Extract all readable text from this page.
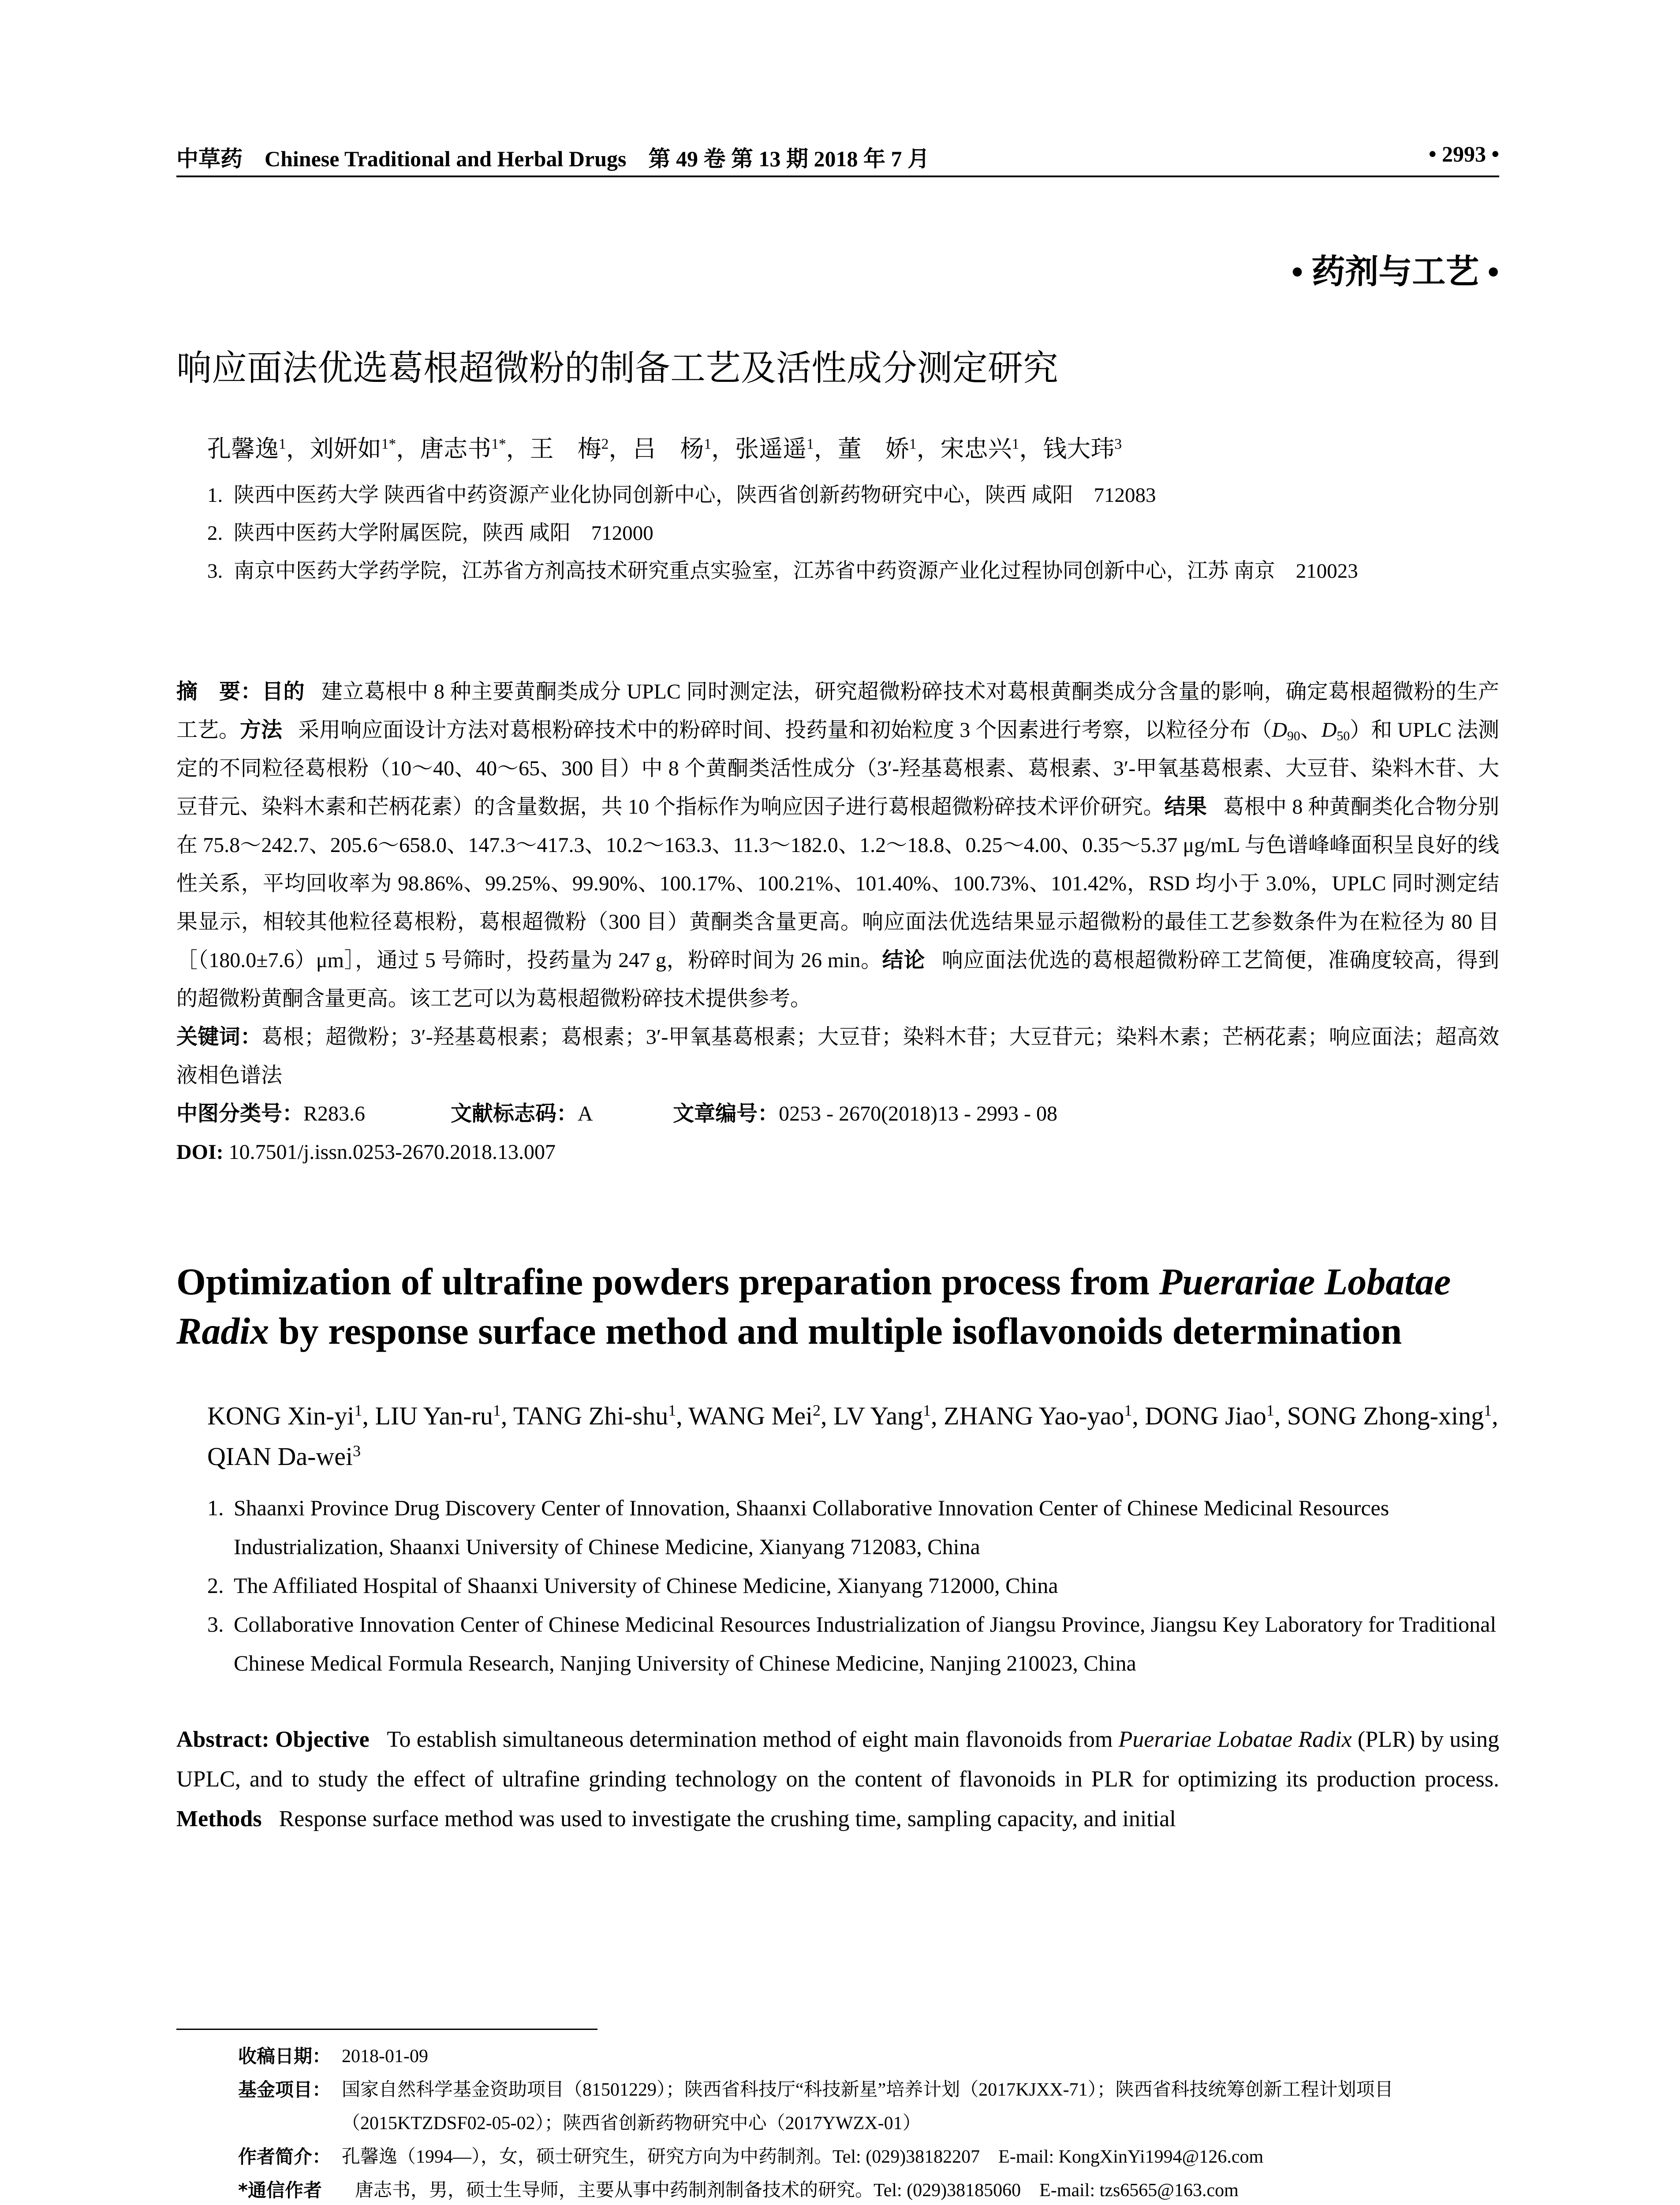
中草药 Chinese Traditional and Herbal Drugs 第 49 卷 第 13 期 2018 年 7 月	• 2993 •
• 药剂与工艺 •
响应面法优选葛根超微粉的制备工艺及活性成分测定研究
孔馨逸$^1$，刘妍如$^{1*}$，唐志书$^{1*}$，王　梅$^2$，吕　杨$^1$，张遥遥$^1$，董　娇$^1$，宋忠兴$^1$，钱大玮$^3$
1. 陕西中医药大学 陕西省中药资源产业化协同创新中心，陕西省创新药物研究中心，陕西 咸阳　712083
2. 陕西中医药大学附属医院，陕西 咸阳　712000
3. 南京中医药大学药学院，江苏省方剂高技术研究重点实验室，江苏省中药资源产业化过程协同创新中心，江苏 南京　210023

摘　要：目的 建立葛根中 8 种主要黄酮类成分 UPLC 同时测定法，研究超微粉碎技术对葛根黄酮类成分含量的影响，确定葛根超微粉的生产工艺。方法 采用响应面设计方法对葛根粉碎技术中的粉碎时间、投药量和初始粒度 3 个因素进行考察，以粒径分布（$D_{90}$、$D_{50}$）和 UPLC 法测定的不同粒径葛根粉（10～40、40～65、300 目）中 8 个黄酮类活性成分（3′-羟基葛根素、葛根素、3′-甲氧基葛根素、大豆苷、染料木苷、大豆苷元、染料木素和芒柄花素）的含量数据，共 10 个指标作为响应因子进行葛根超微粉碎技术评价研究。结果 葛根中 8 种黄酮类化合物分别在 75.8～242.7、205.6～658.0、147.3～417.3、10.2～163.3、11.3～182.0、1.2～18.8、0.25～4.00、0.35～5.37 μg/mL 与色谱峰峰面积呈良好的线性关系，平均回收率为 98.86%、99.25%、99.90%、100.17%、100.21%、101.40%、100.73%、101.42%，RSD 均小于 3.0%，UPLC 同时测定结果显示，相较其他粒径葛根粉，葛根超微粉（300 目）黄酮类含量更高。响应面法优选结果显示超微粉的最佳工艺参数条件为在粒径为 80 目［（180.0±7.6）μm］，通过 5 号筛时，投药量为 247 g，粉碎时间为 26 min。结论 响应面法优选的葛根超微粉碎工艺简便，准确度较高，得到的超微粉黄酮含量更高。该工艺可以为葛根超微粉碎技术提供参考。

关键词：葛根；超微粉；3′-羟基葛根素；葛根素；3′-甲氧基葛根素；大豆苷；染料木苷；大豆苷元；染料木素；芒柄花素；响应面法；超高效液相色谱法

中图分类号：R283.6	文献标志码：A	文章编号：0253 - 2670(2018)13 - 2993 - 08

DOI: 10.7501/j.issn.0253-2670.2018.13.007

Optimization of ultrafine powders preparation process from Puerariae Lobatae Radix by response surface method and multiple isoflavonoids determination
KONG Xin-$yi^1$, LIU Yan-$ru^1$, TANG Zhi-shu$^1$, WANG Mei$^2$, LV Yang$^1$, ZHANG Yao-yao$^1$, DONG Jiao$^1$, SONG Zhong-xing$^1$, QIAN Da-wei$^3$
1. Shaanxi Province Drug Discovery Center of Innovation, Shaanxi Collaborative Innovation Center of Chinese Medicinal Resources Industrialization, Shaanxi University of Chinese Medicine, Xianyang 712083, China
2. The Affiliated Hospital of Shaanxi University of Chinese Medicine, Xianyang 712000, China
3. Collaborative Innovation Center of Chinese Medicinal Resources Industrialization of Jiangsu Province, Jiangsu Key Laboratory for Traditional Chinese Medical Formula Research, Nanjing University of Chinese Medicine, Nanjing 210023, China
Abstract: Objective To establish simultaneous determination method of eight main flavonoids from Puerariae Lobatae Radix (PLR) by using UPLC, and to study the effect of ultrafine grinding technology on the content of flavonoids in PLR for optimizing its production process. Methods Response surface method was used to investigate the crushing time, sampling capacity, and initial
收稿日期： 2018-01-09
基金项目： 国家自然科学基金资助项目（81501229）；陕西省科技厅“科技新星”培养计划（2017KJXX-71）；陕西省科技统筹创新工程计划项目（2015KTZDSF02-05-02）；陕西省创新药物研究中心（2017YWZX-01）
作者简介： 孔馨逸（1994—），女，硕士研究生，研究方向为中药制剂。Tel: (029)38182207　E-mail: KongXinYi1994@126.com
*通信作者 唐志书，男，硕士生导师，主要从事中药制剂制备技术的研究。Tel: (029)38185060　E-mail: tzs6565@163.com
